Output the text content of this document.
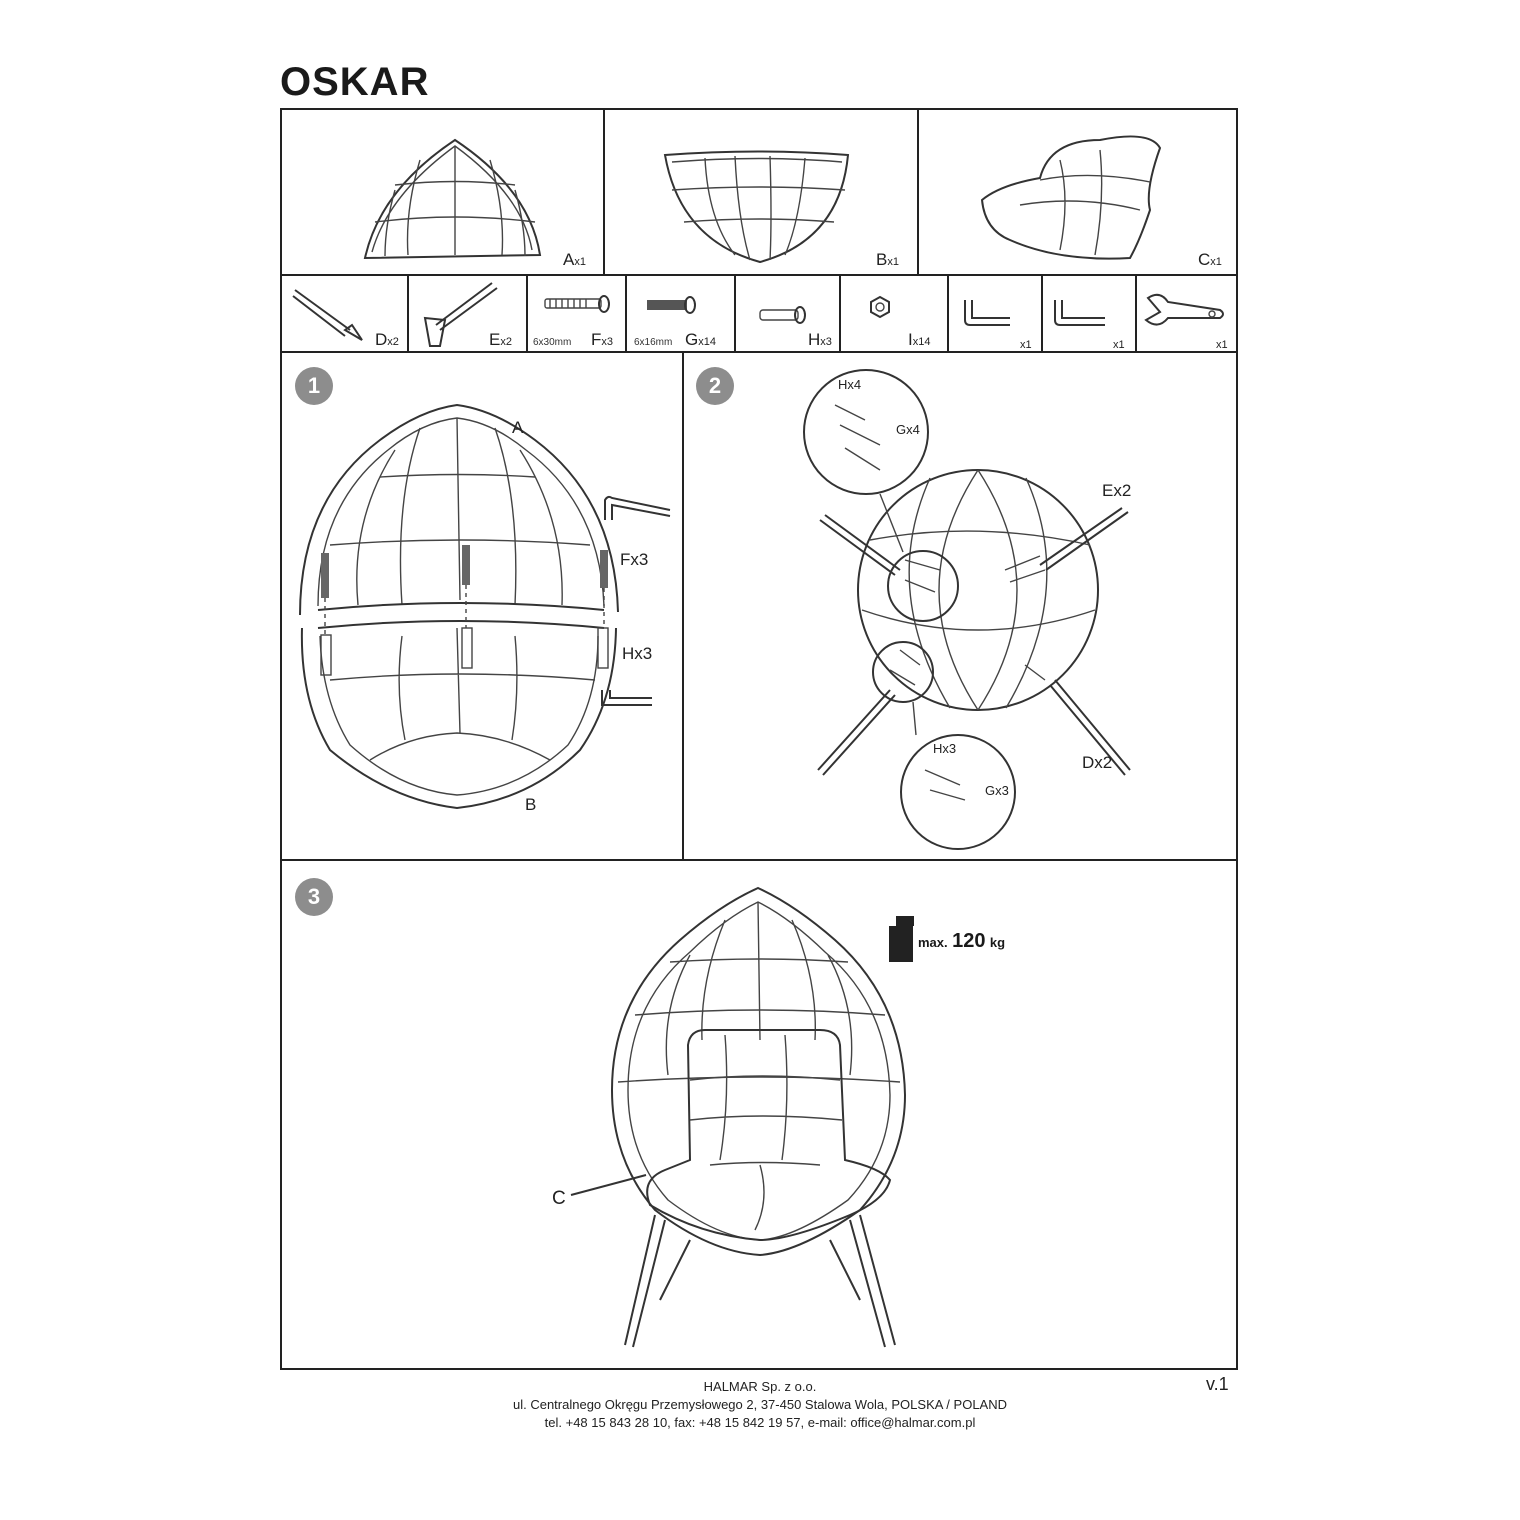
OSKAR
Ax1	Bx1	Cx1
Dx2	Ex2 6x30mm Fx3 6x16mm Gx14	Hx3	Ix14	x1	x1	x1
1	2
3
A
B
Fx3
Hx3
Hx4
Gx4
Ex2
Dx2
Hx3
Gx3
C
max. 120 kg
v.1
HALMAR Sp. z o.o.
ul. Centralnego Okręgu Przemysłowego 2, 37-450 Stalowa Wola, POLSKA / POLAND
tel. +48 15 843 28 10, fax: +48 15 842 19 57, e-mail: office@halmar.com.pl
